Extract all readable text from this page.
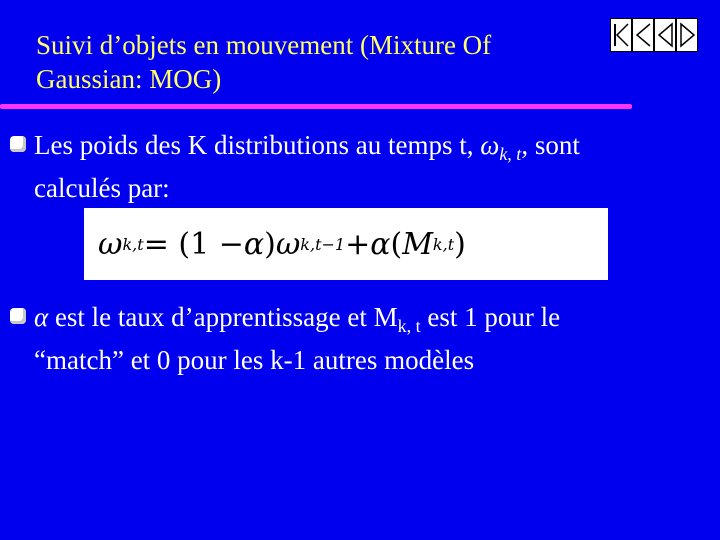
Suivi d’objets en mouvement (Mixture Of
Gaussian: MOG)
Les poids des K distributions au temps t, $\omega_{k, t}$, sont
calculés par:
ω k,t = (1 − α ) ω k,t−1 + α ( M k,t )
α est le taux d’apprentissage et $M_{k, t}$ est 1 pour le
“match” et 0 pour les k-1 autres modèles
